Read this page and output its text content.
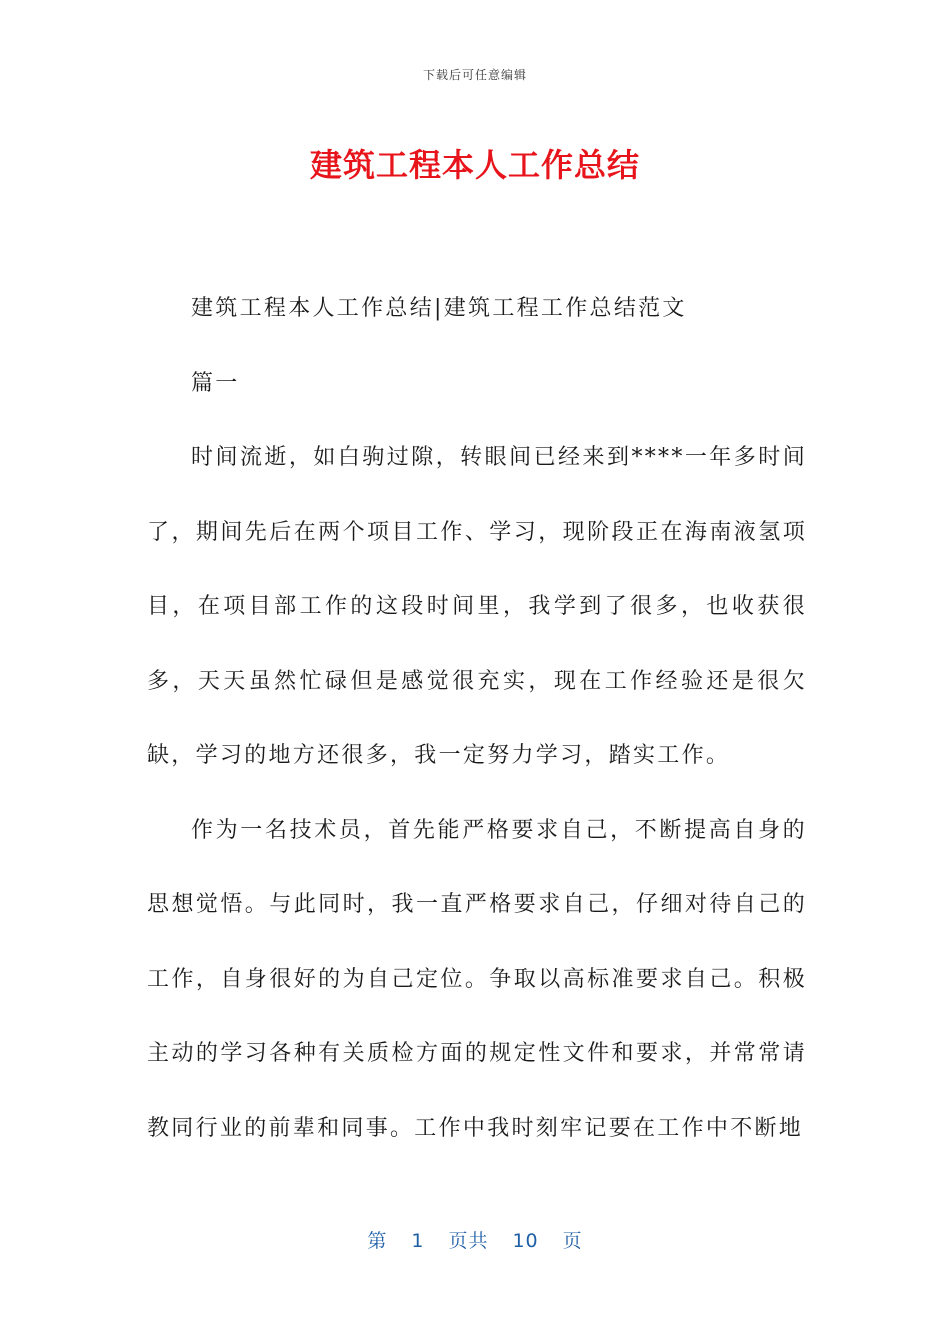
下载后可任意编辑
建筑工程本人工作总结

建筑工程本人工作总结|建筑工程工作总结范文

篇一

时间流逝，如白驹过隙，转眼间已经来到****一年多时间了，期间先后在两个项目工作、学习，现阶段正在海南液氢项目，在项目部工作的这段时间里，我学到了很多，也收获很多，天天虽然忙碌但是感觉很充实，现在工作经验还是很欠缺，学习的地方还很多，我一定努力学习，踏实工作。

作为一名技术员，首先能严格要求自己，不断提高自身的思想觉悟。与此同时，我一直严格要求自己，仔细对待自己的工作，自身很好的为自己定位。争取以高标准要求自己。积极主动的学习各种有关质检方面的规定性文件和要求，并常常请教同行业的前辈和同事。工作中我时刻牢记要在工作中不断地

第 1 页共 10 页
